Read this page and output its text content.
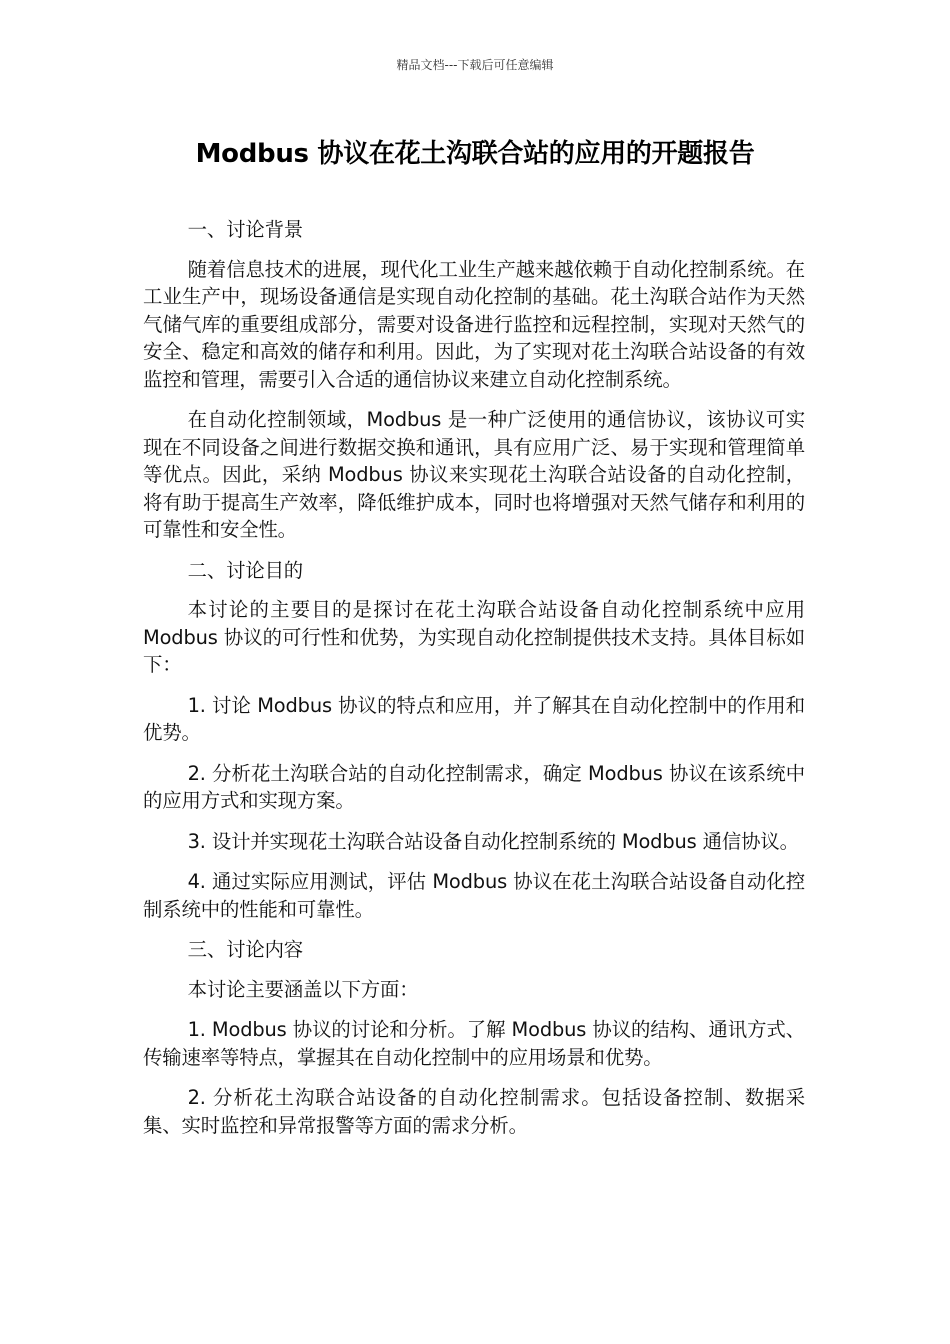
精品文档---下载后可任意编辑
Modbus 协议在花土沟联合站的应用的开题报告

一、讨论背景

随着信息技术的进展，现代化工业生产越来越依赖于自动化控制系统。在工业生产中，现场设备通信是实现自动化控制的基础。花土沟联合站作为天然气储气库的重要组成部分，需要对设备进行监控和远程控制，实现对天然气的安全、稳定和高效的储存和利用。因此，为了实现对花土沟联合站设备的有效监控和管理，需要引入合适的通信协议来建立自动化控制系统。

在自动化控制领域，Modbus 是一种广泛使用的通信协议，该协议可实现在不同设备之间进行数据交换和通讯，具有应用广泛、易于实现和管理简单等优点。因此，采纳 Modbus 协议来实现花土沟联合站设备的自动化控制，将有助于提高生产效率，降低维护成本，同时也将增强对天然气储存和利用的可靠性和安全性。

二、讨论目的

本讨论的主要目的是探讨在花土沟联合站设备自动化控制系统中应用 Modbus 协议的可行性和优势，为实现自动化控制提供技术支持。具体目标如下：

1. 讨论 Modbus 协议的特点和应用，并了解其在自动化控制中的作用和优势。

2. 分析花土沟联合站的自动化控制需求，确定 Modbus 协议在该系统中的应用方式和实现方案。

3. 设计并实现花土沟联合站设备自动化控制系统的 Modbus 通信协议。

4. 通过实际应用测试，评估 Modbus 协议在花土沟联合站设备自动化控制系统中的性能和可靠性。

三、讨论内容

本讨论主要涵盖以下方面：

1. Modbus 协议的讨论和分析。了解 Modbus 协议的结构、通讯方式、传输速率等特点，掌握其在自动化控制中的应用场景和优势。

2. 分析花土沟联合站设备的自动化控制需求。包括设备控制、数据采集、实时监控和异常报警等方面的需求分析。
